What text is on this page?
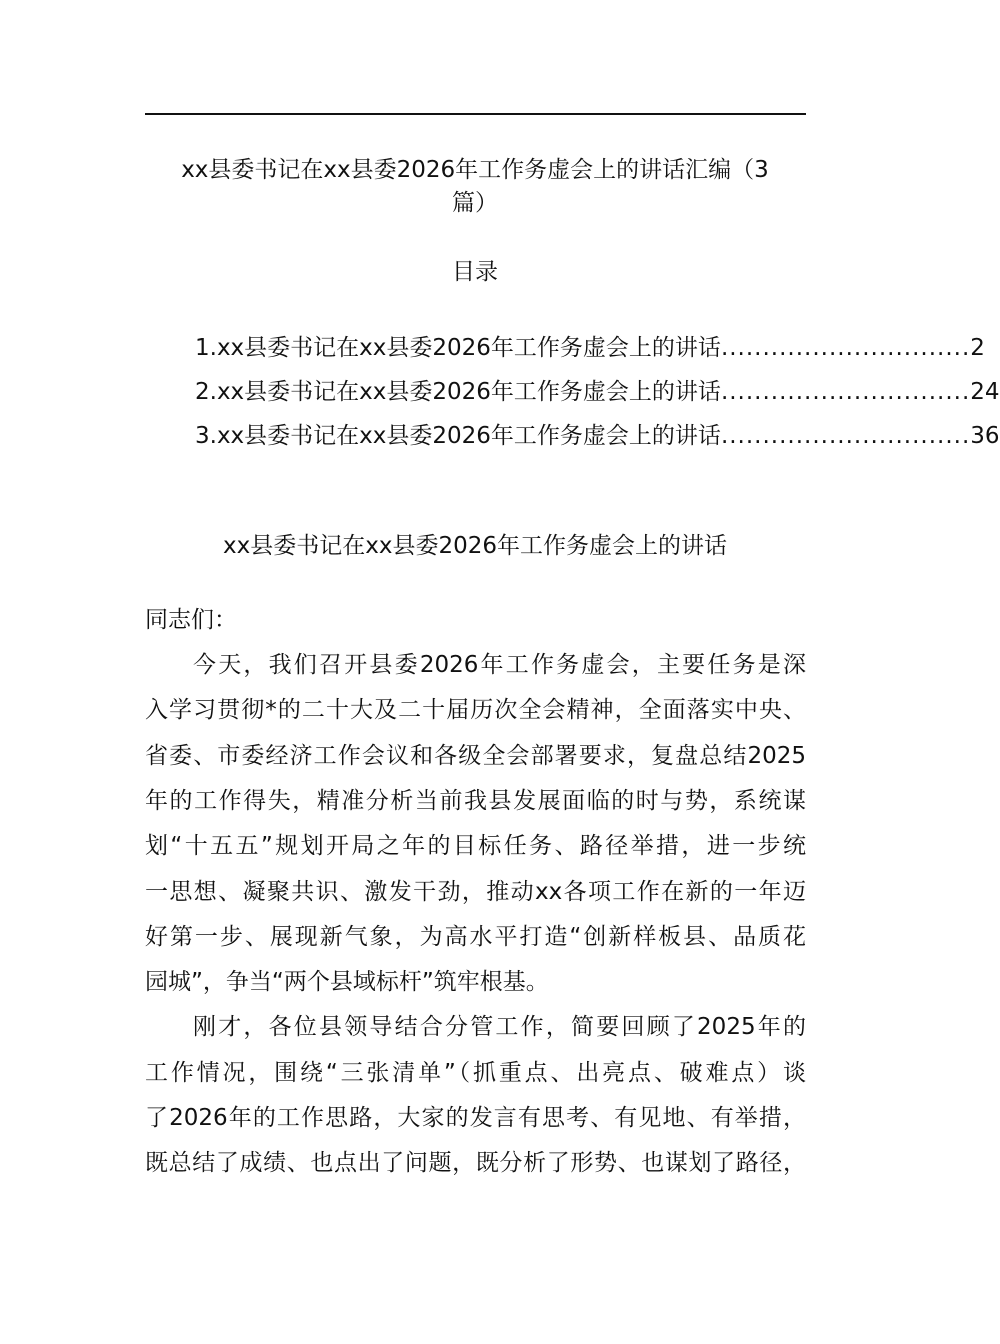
xx县委书记在xx县委2026年工作务虚会上的讲话汇编（3
篇）
目录
1.xx县委书记在xx县委2026年工作务虚会上的讲话 .............................. 2
2.xx县委书记在xx县委2026年工作务虚会上的讲话 .............................. 24
3.xx县委书记在xx县委2026年工作务虚会上的讲话 .............................. 36
xx县委书记在xx县委2026年工作务虚会上的讲话
同志们：
今天，我们召开县委2026年工作务虚会，主要任务是深
入学习贯彻*的二十大及二十届历次全会精神，全面落实中央、
省委、市委经济工作会议和各级全会部署要求，复盘总结2025
年的工作得失，精准分析当前我县发展面临的时与势，系统谋
划“十五五”规划开局之年的目标任务、路径举措，进一步统
一思想、凝聚共识、激发干劲，推动xx各项工作在新的一年迈
好第一步、展现新气象，为高水平打造“创新样板县、品质花
园城”，争当“两个县域标杆”筑牢根基。
刚才，各位县领导结合分管工作，简要回顾了2025年的
工作情况，围绕“三张清单”（抓重点、出亮点、破难点）谈
了2026年的工作思路，大家的发言有思考、有见地、有举措，
既总结了成绩、也点出了问题，既分析了形势、也谋划了路径，
